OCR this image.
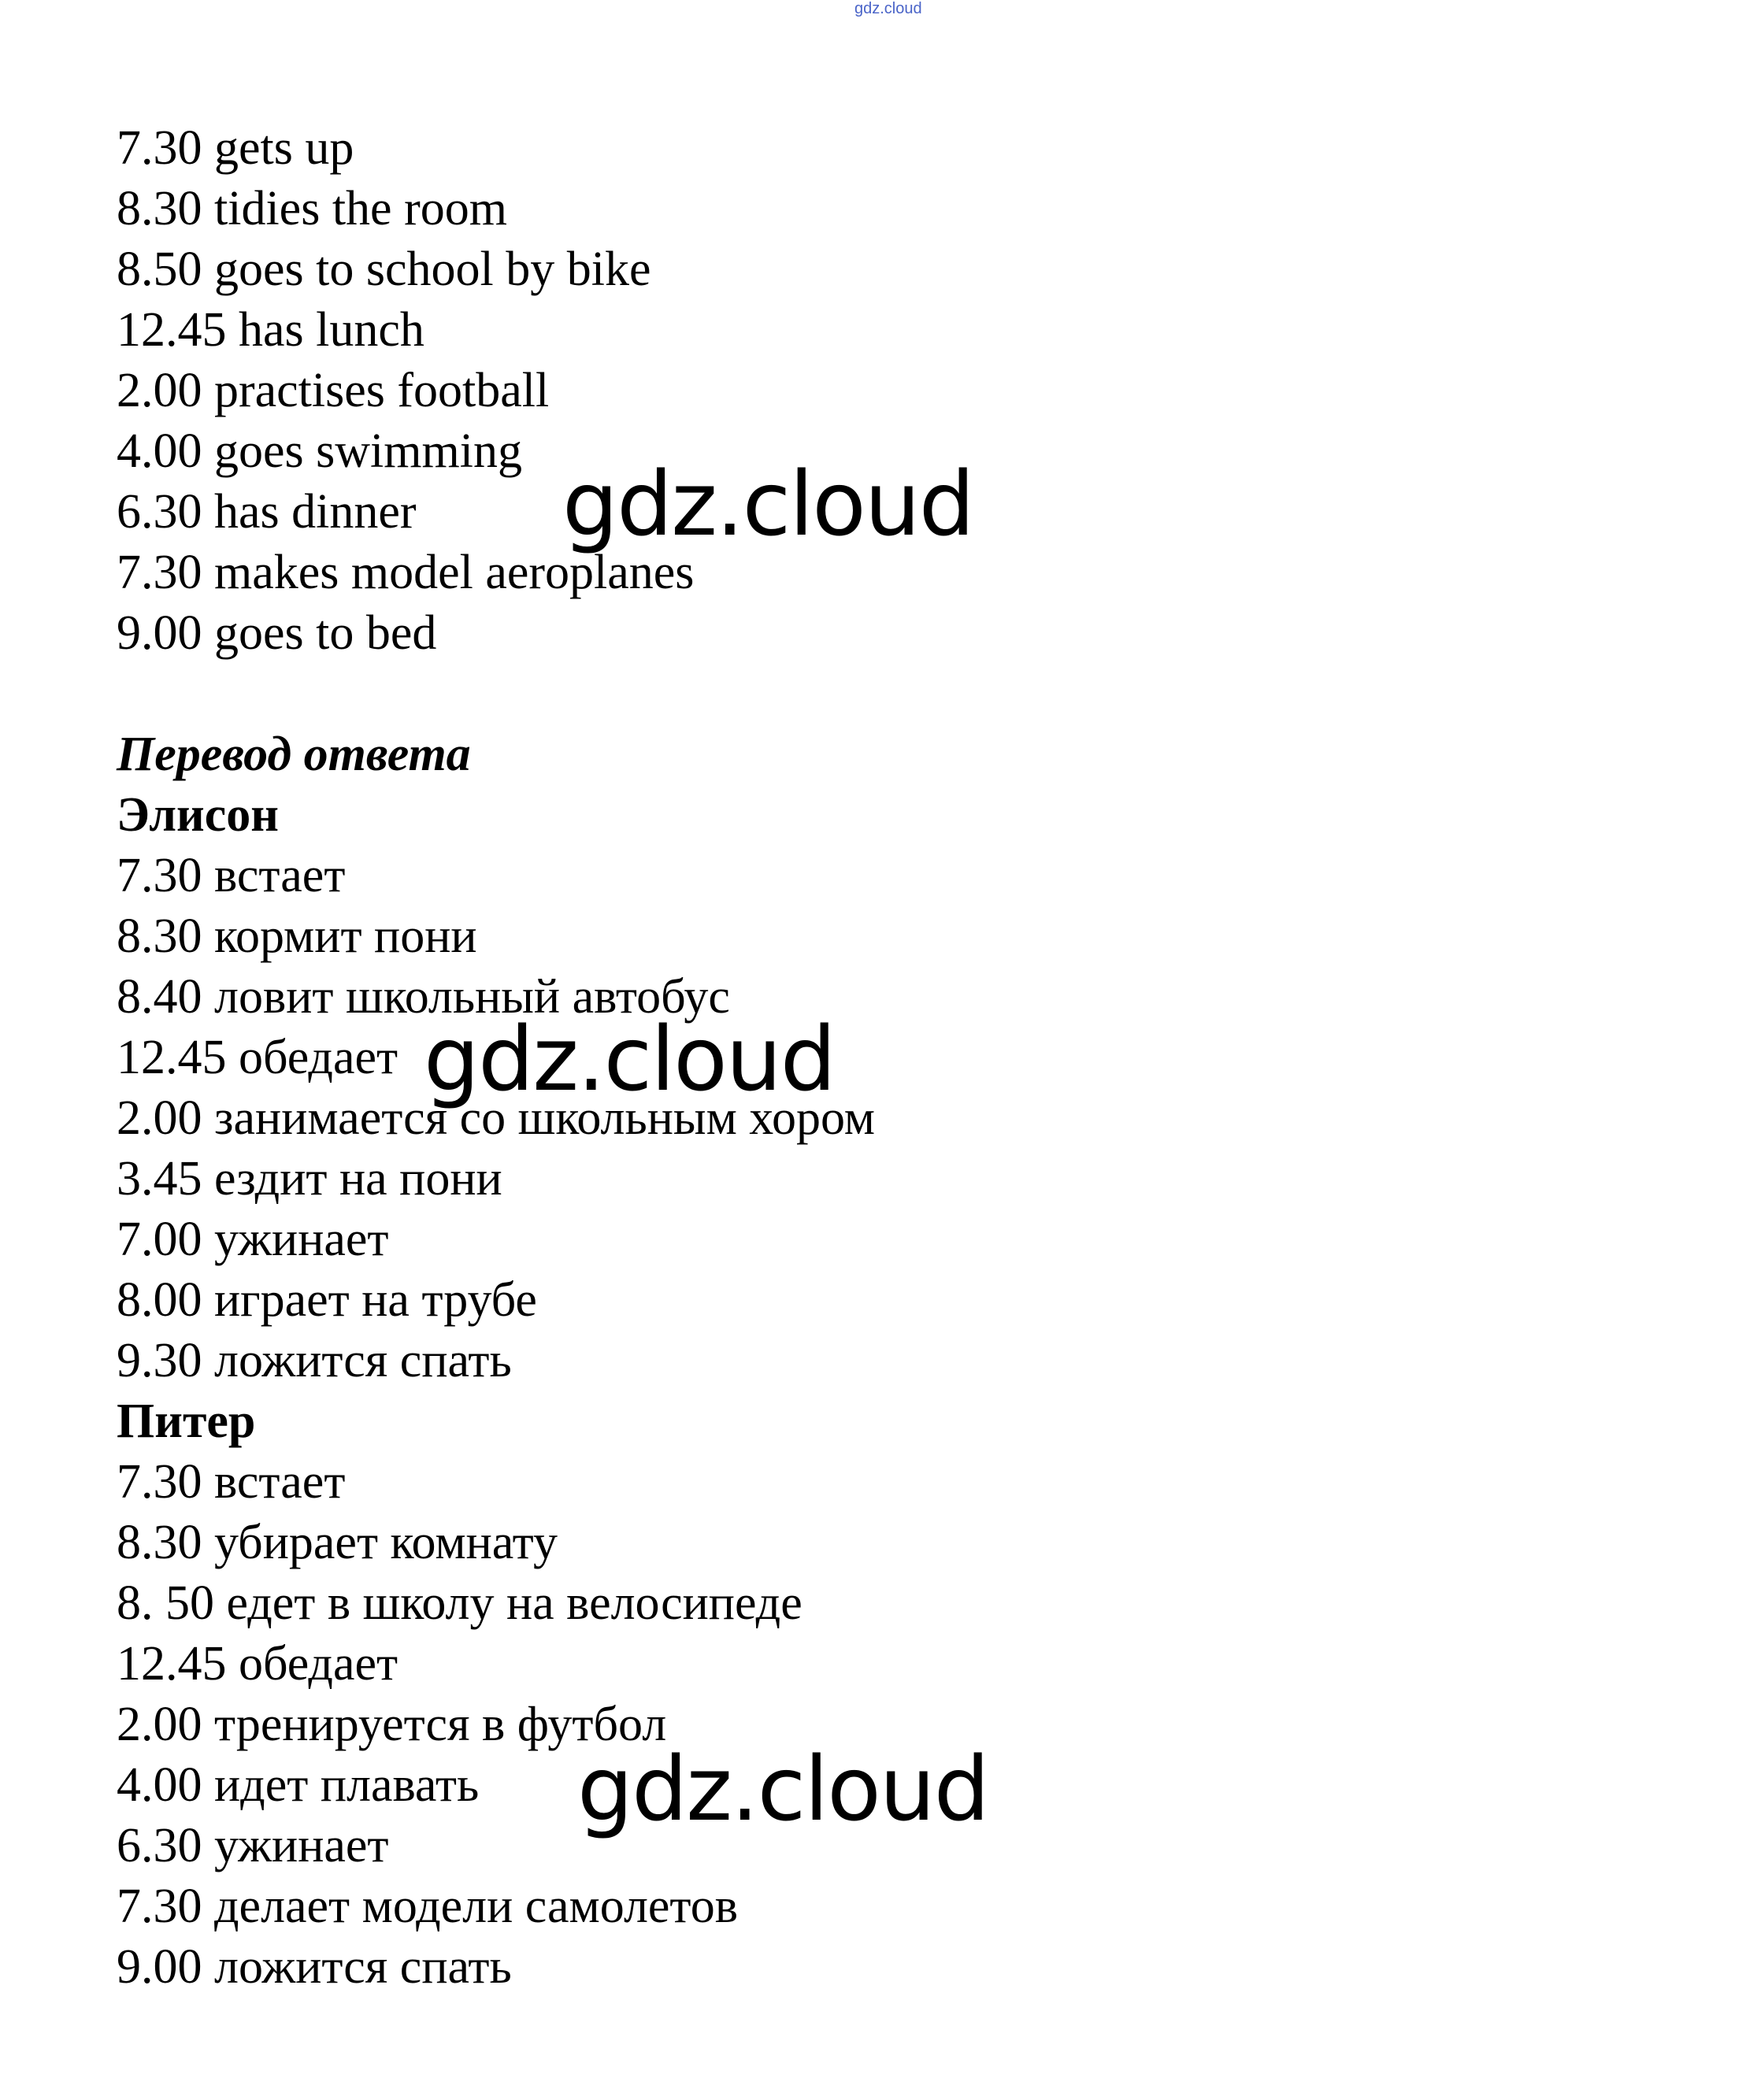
gdz.cloud
7.30 gets up
8.30 tidies the room
8.50 goes to school by bike
12.45 has lunch
2.00 practises football
4.00 goes swimming
6.30 has dinner
7.30 makes model aeroplanes
9.00 goes to bed
Перевод ответа
Элисон
7.30 встает
8.30 кормит пони
8.40 ловит школьный автобус
12.45 обедает
2.00 занимается со школьным хором
3.45 ездит на пони
7.00 ужинает
8.00 играет на трубе
9.30 ложится спать
Питер
7.30 встает
8.30 убирает комнату
8. 50 едет в школу на велосипеде
12.45 обедает
2.00 тренируется в футбол
4.00 идет плавать
6.30 ужинает
7.30 делает модели самолетов
9.00 ложится спать
gdz.cloud
gdz.cloud
gdz.cloud
